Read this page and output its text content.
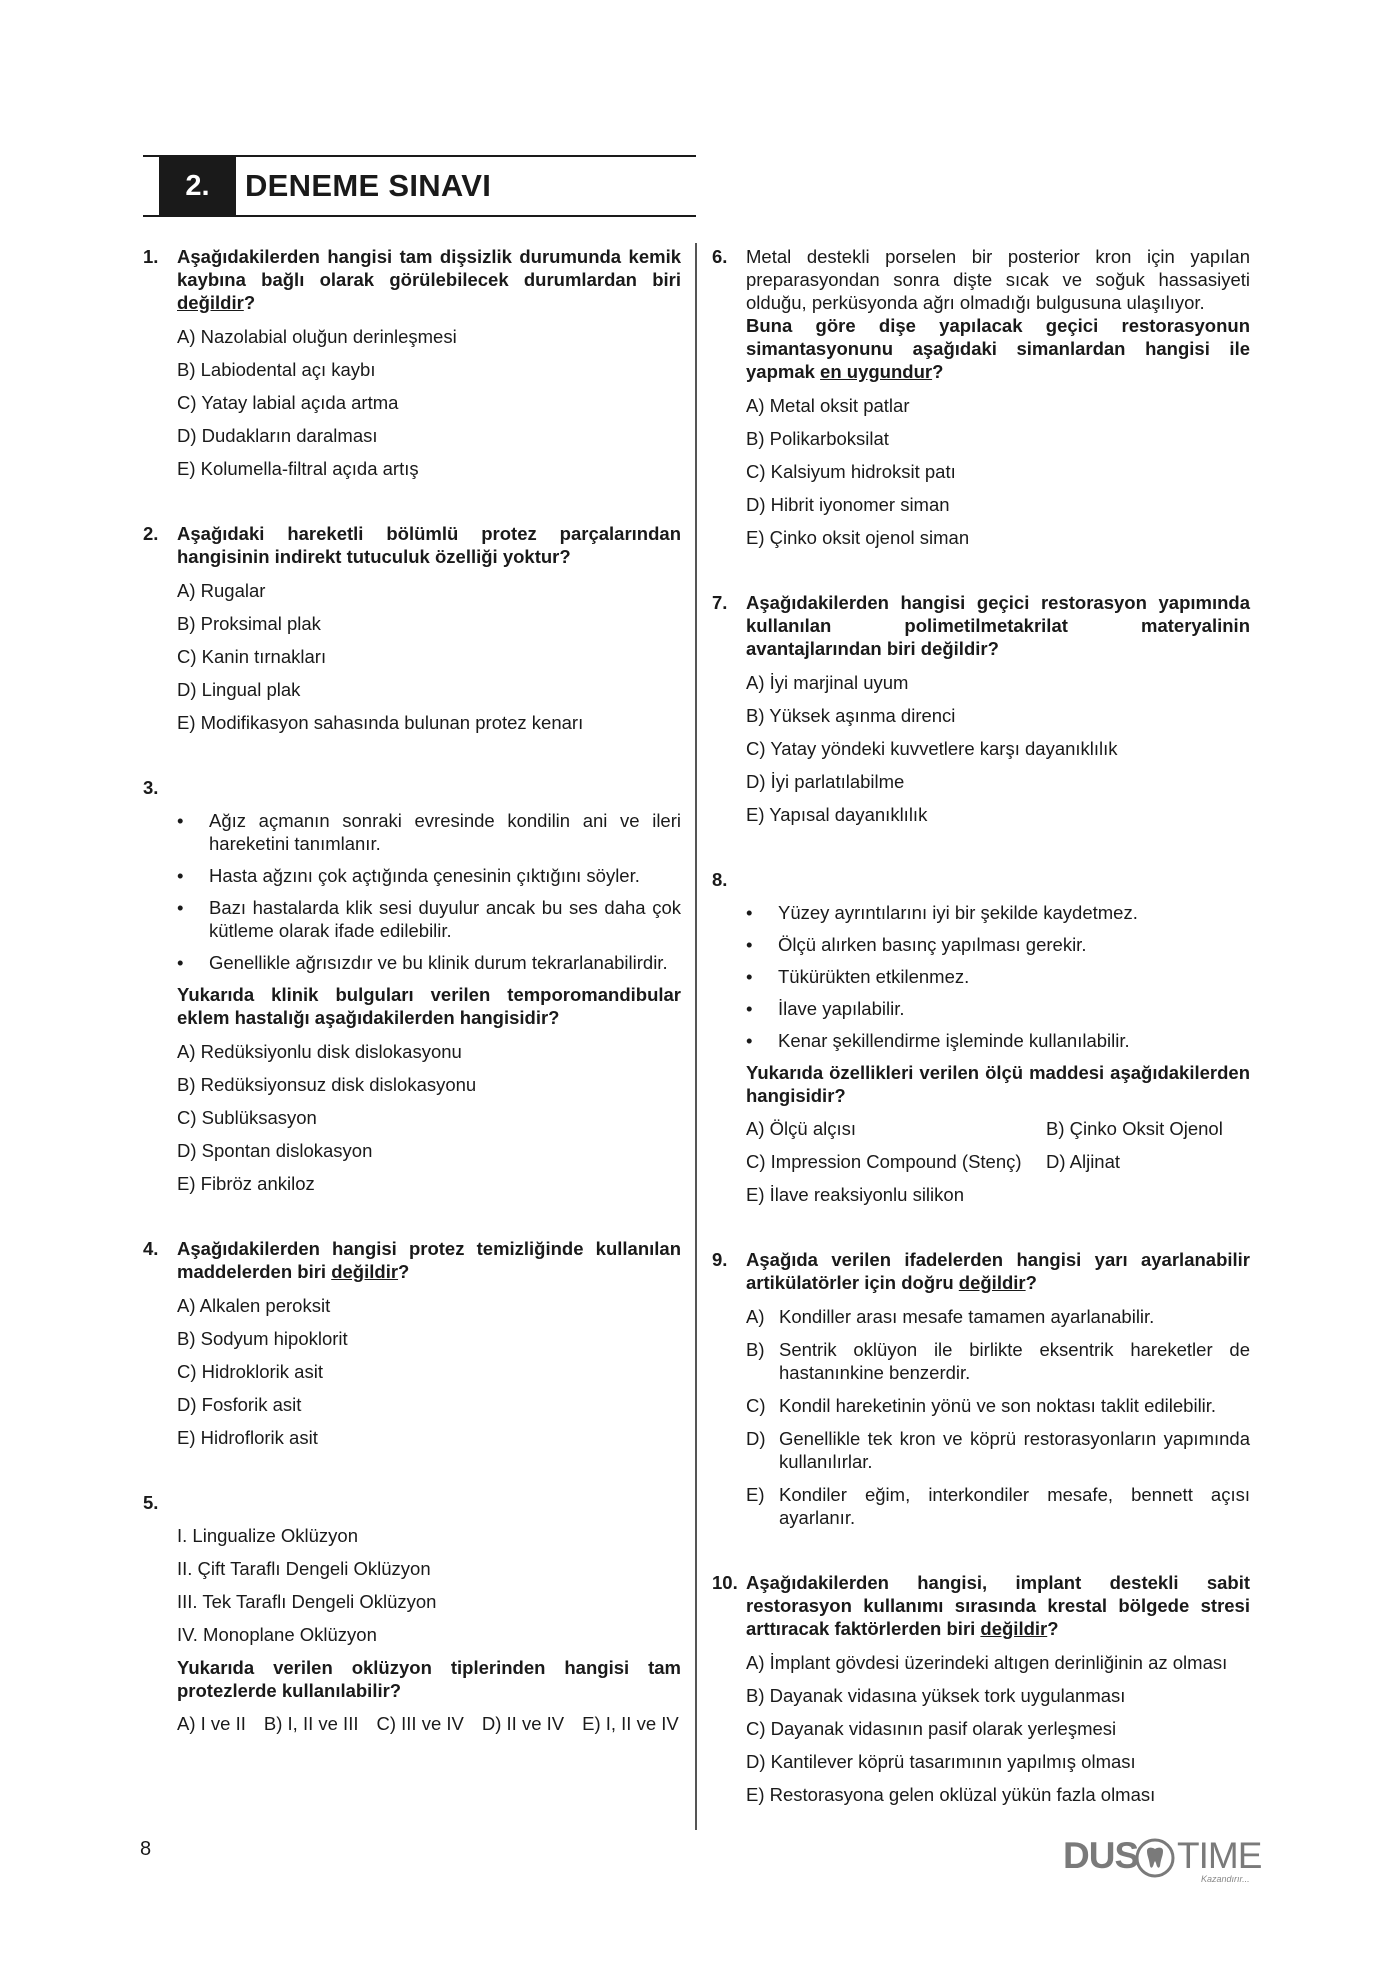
2. DENEME SINAVI
1. Aşağıdakilerden hangisi tam dişsizlik durumunda kemik kaybına bağlı olarak görülebilecek durumlardan biri değildir?
A) Nazolabial oluğun derinleşmesi
B) Labiodental açı kaybı
C) Yatay labial açıda artma
D) Dudakların daralması
E) Kolumella-filtral açıda artış
2. Aşağıdaki hareketli bölümlü protez parçalarından hangisinin indirekt tutuculuk özelliği yoktur?
A) Rugalar
B) Proksimal plak
C) Kanin tırnakları
D) Lingual plak
E) Modifikasyon sahasında bulunan protez kenarı
3.
• Ağız açmanın sonraki evresinde kondilin ani ve ileri hareketini tanımlanır.
• Hasta ağzını çok açtığında çenesinin çıktığını söyler.
• Bazı hastalarda klik sesi duyulur ancak bu ses daha çok kütleme olarak ifade edilebilir.
• Genellikle ağrısızdır ve bu klinik durum tekrarlanabilirdir.
Yukarıda klinik bulguları verilen temporomandibular eklem hastalığı aşağıdakilerden hangisidir?
A) Redüksiyonlu disk dislokasyonu
B) Redüksiyonsuz disk dislokasyonu
C) Sublüksasyon
D) Spontan dislokasyon
E) Fibröz ankiloz
4. Aşağıdakilerden hangisi protez temizliğinde kullanılan maddelerden biri değildir?
A) Alkalen peroksit
B) Sodyum hipoklorit
C) Hidroklorik asit
D) Fosforik asit
E) Hidroflorik asit
5.
I. Lingualize Oklüzyon
II. Çift Taraflı Dengeli Oklüzyon
III. Tek Taraflı Dengeli Oklüzyon
IV. Monoplane Oklüzyon
Yukarıda verilen oklüzyon tiplerinden hangisi tam protezlerde kullanılabilir?
A) I ve II B) I, II ve III C) III ve IV D) II ve IV E) I, II ve IV
6. Metal destekli porselen bir posterior kron için yapılan preparasyondan sonra dişte sıcak ve soğuk hassasiyeti olduğu, perküsyonda ağrı olmadığı bulgusuna ulaşılıyor.
Buna göre dişe yapılacak geçici restorasyonun simantasyonunu aşağıdaki simanlardan hangisi ile yapmak en uygundur?
A) Metal oksit patlar
B) Polikarboksilat
C) Kalsiyum hidroksit patı
D) Hibrit iyonomer siman
E) Çinko oksit ojenol siman
7. Aşağıdakilerden hangisi geçici restorasyon yapımında kullanılan polimetilmetakrilat materyalinin avantajlarından biri değildir?
A) İyi marjinal uyum
B) Yüksek aşınma direnci
C) Yatay yöndeki kuvvetlere karşı dayanıklılık
D) İyi parlatılabilme
E) Yapısal dayanıklılık
8.
• Yüzey ayrıntılarını iyi bir şekilde kaydetmez.
• Ölçü alırken basınç yapılması gerekir.
• Tükürükten etkilenmez.
• İlave yapılabilir.
• Kenar şekillendirme işleminde kullanılabilir.
Yukarıda özellikleri verilen ölçü maddesi aşağıdakilerden hangisidir?
A) Ölçü alçısı	B) Çinko Oksit Ojenol
C) Impression Compound (Stenç)	D) Aljinat
E) İlave reaksiyonlu silikon
9. Aşağıda verilen ifadelerden hangisi yarı ayarlanabilir artikülatörler için doğru değildir?
A) Kondiller arası mesafe tamamen ayarlanabilir.
B) Sentrik oklüyon ile birlikte eksentrik hareketler de hastanınkine benzerdir.
C) Kondil hareketinin yönü ve son noktası taklit edilebilir.
D) Genellikle tek kron ve köprü restorasyonların yapımında kullanılırlar.
E) Kondiler eğim, interkondiler mesafe, bennett açısı ayarlanır.
10. Aşağıdakilerden hangisi, implant destekli sabit restorasyon kullanımı sırasında krestal bölgede stresi arttıracak faktörlerden biri değildir?
A) İmplant gövdesi üzerindeki altıgen derinliğinin az olması
B) Dayanak vidasına yüksek tork uygulanması
C) Dayanak vidasının pasif olarak yerleşmesi
D) Kantilever köprü tasarımının yapılmış olması
E) Restorasyona gelen oklüzal yükün fazla olması
8	DUS TIME
Kazandırır...
